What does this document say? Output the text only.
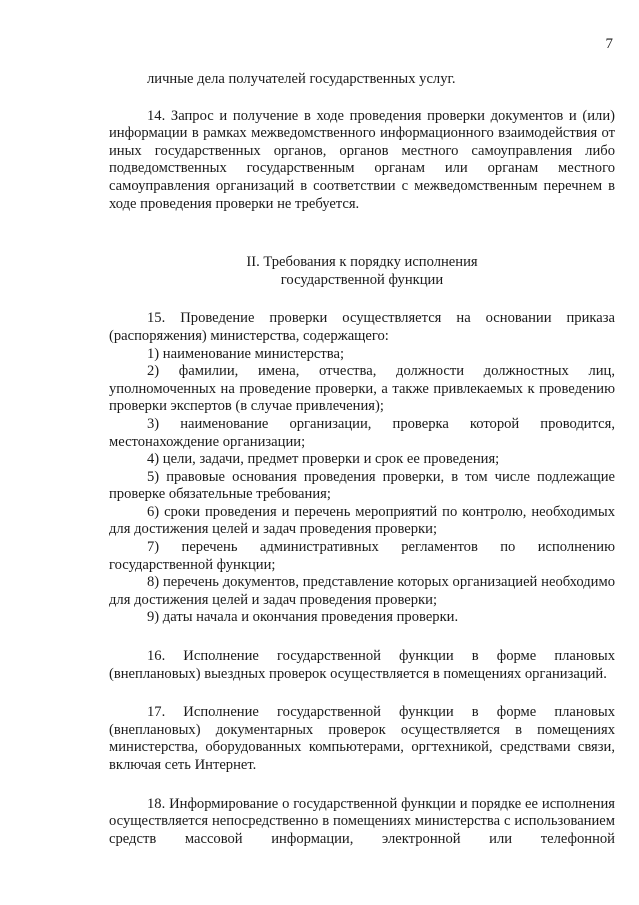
7

личные дела получателей государственных услуг.

14. Запрос и получение в ходе проведения проверки документов и (или) информации в рамках межведомственного информационного взаимодействия от иных государственных органов, органов местного самоуправления либо подведомственных государственным органам или органам местного самоуправления организаций в соответствии с межведомственным перечнем в ходе проведения проверки не требуется.

II. Требования к порядку исполнения
государственной функции

15. Проведение проверки осуществляется на основании приказа (распоряжения) министерства, содержащего:

1) наименование министерства;

2) фамилии, имена, отчества, должности должностных лиц, уполномоченных на проведение проверки, а также привлекаемых к проведению проверки экспертов (в случае привлечения);

3) наименование организации, проверка которой проводится, местонахождение организации;

4) цели, задачи, предмет проверки и срок ее проведения;

5) правовые основания проведения проверки, в том числе подлежащие проверке обязательные требования;

6) сроки проведения и перечень мероприятий по контролю, необходимых для достижения целей и задач проведения проверки;

7) перечень административных регламентов по исполнению государственной функции;

8) перечень документов, представление которых организацией необходимо для достижения целей и задач проведения проверки;

9) даты начала и окончания проведения проверки.

16. Исполнение государственной функции в форме плановых (внеплановых) выездных проверок осуществляется в помещениях организаций.

17. Исполнение государственной функции в форме плановых (внеплановых) документарных проверок осуществляется в помещениях министерства, оборудованных компьютерами, оргтехникой, средствами связи, включая сеть Интернет.

18. Информирование о государственной функции и порядке ее исполнения осуществляется непосредственно в помещениях министерства с использованием средств массовой информации, электронной или телефонной
